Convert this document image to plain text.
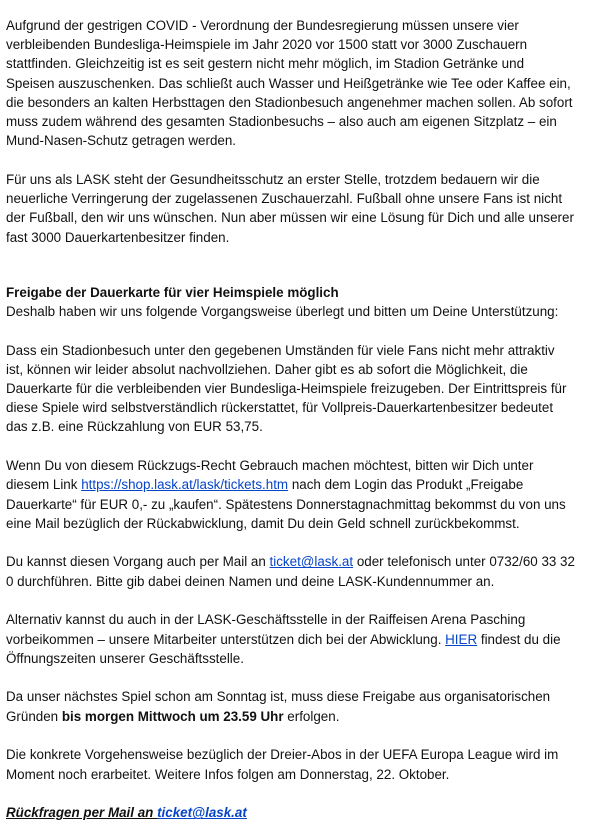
Aufgrund der gestrigen COVID - Verordnung der Bundesregierung müssen unsere vier verbleibenden Bundesliga-Heimspiele im Jahr 2020 vor 1500 statt vor 3000 Zuschauern stattfinden. Gleichzeitig ist es seit gestern nicht mehr möglich, im Stadion Getränke und Speisen auszuschenken. Das schließt auch Wasser und Heißgetränke wie Tee oder Kaffee ein, die besonders an kalten Herbsttagen den Stadionbesuch angenehmer machen sollen. Ab sofort muss zudem während des gesamten Stadionbesuchs – also auch am eigenen Sitzplatz – ein Mund-Nasen-Schutz getragen werden.

Für uns als LASK steht der Gesundheitsschutz an erster Stelle, trotzdem bedauern wir die neuerliche Verringerung der zugelassenen Zuschauerzahl. Fußball ohne unsere Fans ist nicht der Fußball, den wir uns wünschen. Nun aber müssen wir eine Lösung für Dich und alle unserer fast 3000 Dauerkartenbesitzer finden.

Freigabe der Dauerkarte für vier Heimspiele möglich

Deshalb haben wir uns folgende Vorgangsweise überlegt und bitten um Deine Unterstützung:

Dass ein Stadionbesuch unter den gegebenen Umständen für viele Fans nicht mehr attraktiv ist, können wir leider absolut nachvollziehen. Daher gibt es ab sofort die Möglichkeit, die Dauerkarte für die verbleibenden vier Bundesliga-Heimspiele freizugeben. Der Eintrittspreis für diese Spiele wird selbstverständlich rückerstattet, für Vollpreis-Dauerkartenbesitzer bedeutet das z.B. eine Rückzahlung von EUR 53,75.

Wenn Du von diesem Rückzugs-Recht Gebrauch machen möchtest, bitten wir Dich unter diesem Link https://shop.lask.at/lask/tickets.htm nach dem Login das Produkt „Freigabe Dauerkarte“ für EUR 0,- zu „kaufen“. Spätestens Donnerstagnachmittag bekommst du von uns eine Mail bezüglich der Rückabwicklung, damit Du dein Geld schnell zurückbekommst.

Du kannst diesen Vorgang auch per Mail an ticket@lask.at oder telefonisch unter 0732/60 33 32 0 durchführen. Bitte gib dabei deinen Namen und deine LASK-Kundennummer an.

Alternativ kannst du auch in der LASK-Geschäftsstelle in der Raiffeisen Arena Pasching vorbeikommen – unsere Mitarbeiter unterstützen dich bei der Abwicklung. HIER findest du die Öffnungszeiten unserer Geschäftsstelle.

Da unser nächstes Spiel schon am Sonntag ist, muss diese Freigabe aus organisatorischen Gründen bis morgen Mittwoch um 23.59 Uhr erfolgen.

Die konkrete Vorgehensweise bezüglich der Dreier-Abos in der UEFA Europa League wird im Moment noch erarbeitet. Weitere Infos folgen am Donnerstag, 22. Oktober.

Rückfragen per Mail an ticket@lask.at
